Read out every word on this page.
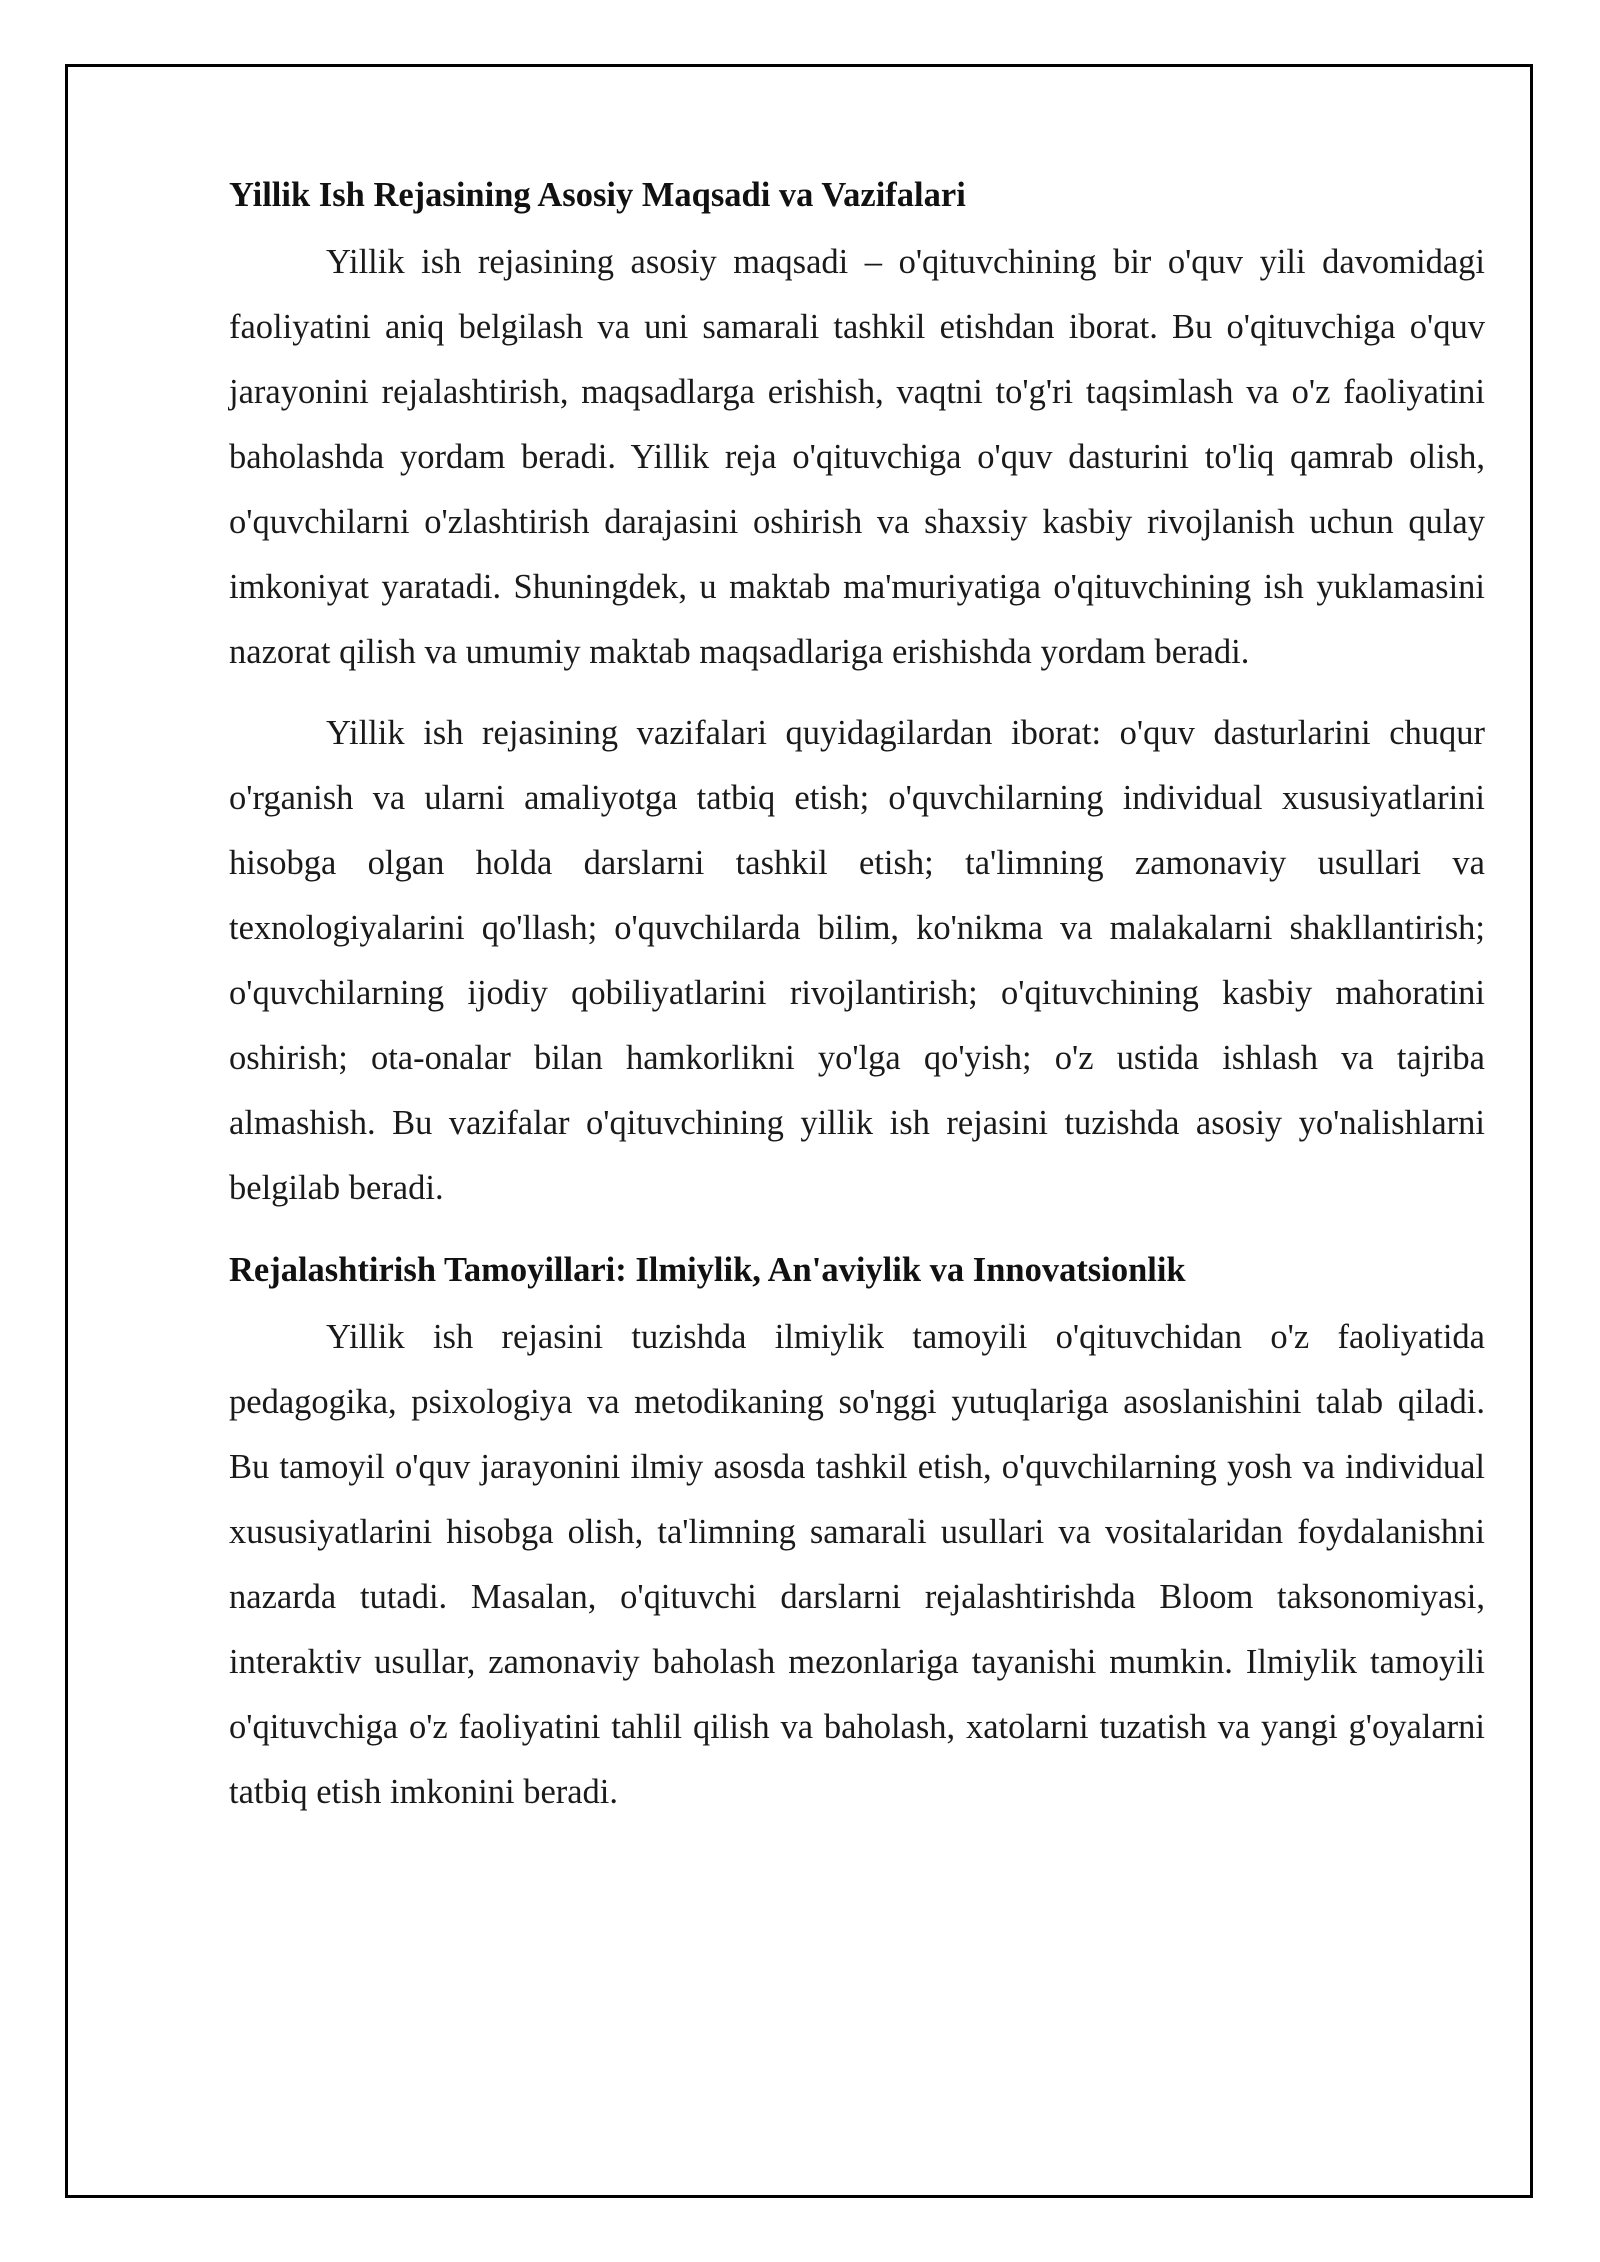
Yillik Ish Rejasining Asosiy Maqsadi va Vazifalari

Yillik ish rejasining asosiy maqsadi – o'qituvchining bir o'quv yili davomidagi faoliyatini aniq belgilash va uni samarali tashkil etishdan iborat. Bu o'qituvchiga o'quv jarayonini rejalashtirish, maqsadlarga erishish, vaqtni to'g'ri taqsimlash va o'z faoliyatini baholashda yordam beradi. Yillik reja o'qituvchiga o'quv dasturini to'liq qamrab olish, o'quvchilarni o'zlashtirish darajasini oshirish va shaxsiy kasbiy rivojlanish uchun qulay imkoniyat yaratadi. Shuningdek, u maktab ma'muriyatiga o'qituvchining ish yuklamasini nazorat qilish va umumiy maktab maqsadlariga erishishda yordam beradi.

Yillik ish rejasining vazifalari quyidagilardan iborat: o'quv dasturlarini chuqur o'rganish va ularni amaliyotga tatbiq etish; o'quvchilarning individual xususiyatlarini hisobga olgan holda darslarni tashkil etish; ta'limning zamonaviy usullari va texnologiyalarini qo'llash; o'quvchilarda bilim, ko'nikma va malakalarni shakllantirish; o'quvchilarning ijodiy qobiliyatlarini rivojlantirish; o'qituvchining kasbiy mahoratini oshirish; ota-onalar bilan hamkorlikni yo'lga qo'yish; o'z ustida ishlash va tajriba almashish. Bu vazifalar o'qituvchining yillik ish rejasini tuzishda asosiy yo'nalishlarni belgilab beradi.

Rejalashtirish Tamoyillari: Ilmiylik, An'aviylik va Innovatsionlik

Yillik ish rejasini tuzishda ilmiylik tamoyili o'qituvchidan o'z faoliyatida pedagogika, psixologiya va metodikaning so'nggi yutuqlariga asoslanishini talab qiladi. Bu tamoyil o'quv jarayonini ilmiy asosda tashkil etish, o'quvchilarning yosh va individual xususiyatlarini hisobga olish, ta'limning samarali usullari va vositalaridan foydalanishni nazarda tutadi. Masalan, o'qituvchi darslarni rejalashtirishda Bloom taksonomiyasi, interaktiv usullar, zamonaviy baholash mezonlariga tayanishi mumkin. Ilmiylik tamoyili o'qituvchiga o'z faoliyatini tahlil qilish va baholash, xatolarni tuzatish va yangi g'oyalarni tatbiq etish imkonini beradi.
